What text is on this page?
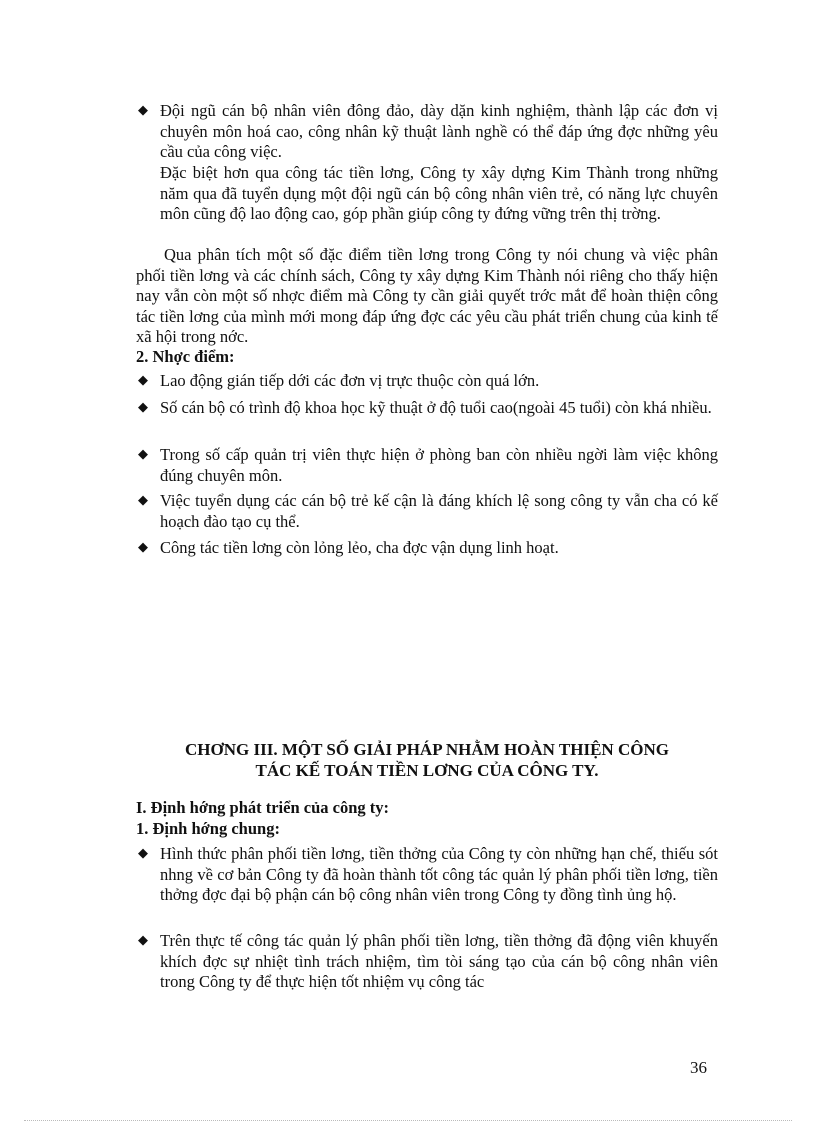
◆ Đội ngũ cán bộ nhân viên đông đảo, dày dặn kinh nghiệm, thành lập các đơn vị chuyên môn hoá cao, công nhân kỹ thuật lành nghề có thể đáp ứng đợc những yêu cầu của công việc.
Đặc biệt hơn qua công tác tiền lơng, Công ty xây dựng Kim Thành trong những năm qua đã tuyển dụng một đội ngũ cán bộ công nhân viên trẻ, có năng lực chuyên môn cũng độ lao động cao, góp phần giúp công ty đứng vững trên thị trờng.
Qua phân tích một số đặc điểm tiền lơng trong Công ty nói chung và việc phân phối tiền lơng và các chính sách, Công ty xây dựng Kim Thành nói riêng cho thấy hiện nay vẫn còn một số nhợc điểm mà Công ty cần giải quyết trớc mắt để hoàn thiện công tác tiền lơng của mình mới mong đáp ứng đợc các yêu cầu phát triển chung của kinh tế xã hội trong nớc.
2. Nhợc điểm:
◆ Lao động gián tiếp dới các đơn vị trực thuộc còn quá lớn.
◆ Số cán bộ có trình độ khoa học kỹ thuật ở độ tuổi cao(ngoài 45 tuổi) còn khá nhiều.
◆ Trong số cấp quản trị viên thực hiện ở phòng ban còn nhiều ngời làm việc không đúng chuyên môn.
◆ Việc tuyển dụng các cán bộ trẻ kế cận là đáng khích lệ song công ty vẫn cha có kế hoạch đào tạo cụ thể.
◆ Công tác tiền lơng còn lỏng lẻo, cha đợc vận dụng linh hoạt.
CHƠNG III. MỘT SỐ GIẢI PHÁP NHẰM HOÀN THIỆN CÔNG
TÁC KẾ TOÁN TIỀN LƠNG CỦA CÔNG TY.
I. Định hớng phát triển của công ty:
1. Định hớng chung:
◆ Hình thức phân phối tiền lơng, tiền thởng của Công ty còn những hạn chế, thiếu sót nhng về cơ bản Công ty đã hoàn thành tốt công tác quản lý phân phối tiền lơng, tiền thởng đợc đại bộ phận cán bộ công nhân viên trong Công ty đồng tình ủng hộ.
◆ Trên thực tế công tác quản lý phân phối tiền lơng, tiền thởng đã động viên khuyến khích đợc sự nhiệt tình trách nhiệm, tìm tòi sáng tạo của cán bộ công nhân viên trong Công ty để thực hiện tốt nhiệm vụ công tác
36
